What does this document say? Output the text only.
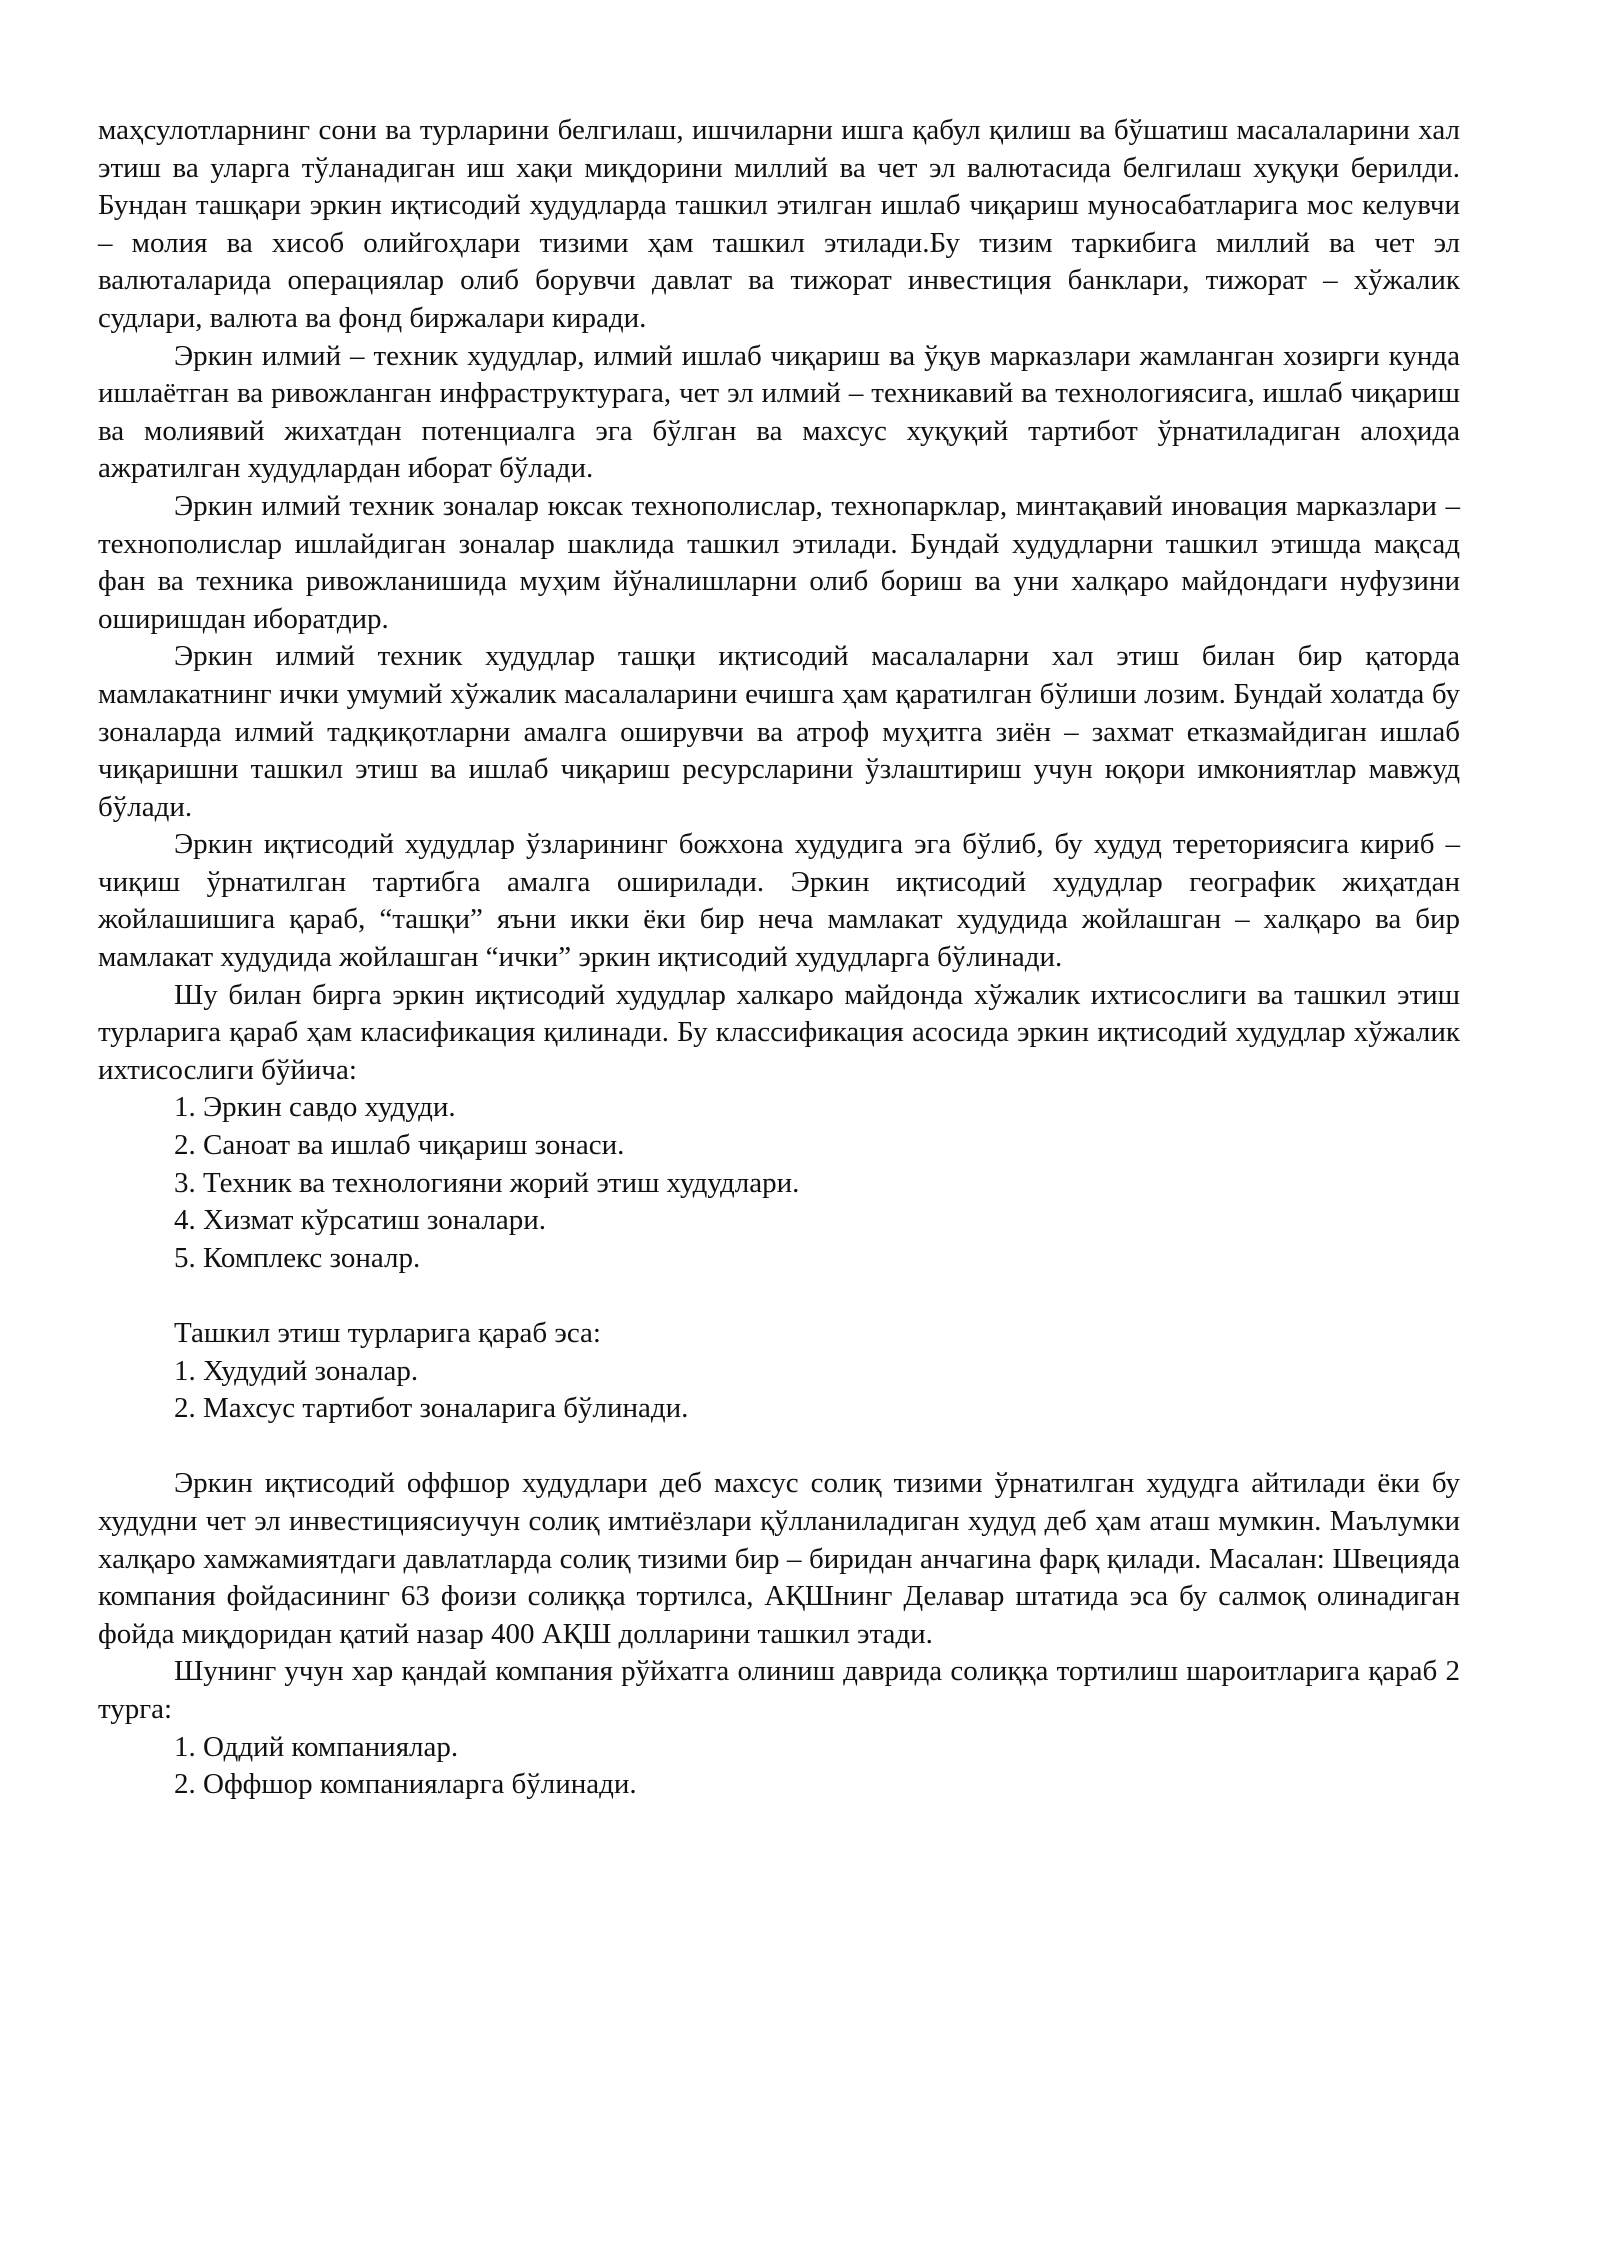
маҳсулотларнинг сони ва турларини белгилаш, ишчиларни ишга қабул қилиш ва бўшатиш масалаларини хал этиш ва уларга тўланадиган иш хақи миқдорини миллий ва чет эл валютасида белгилаш хуқуқи берилди. Бундан ташқари эркин иқтисодий худудларда ташкил этилган ишлаб чиқариш муносабатларига мос келувчи – молия ва хисоб олийгоҳлари тизими ҳам ташкил этилади.Бу тизим таркибига миллий ва чет эл валюталарида операциялар олиб борувчи давлат ва тижорат инвестиция банклари, тижорат – хўжалик судлари, валюта ва фонд биржалари киради.

Эркин илмий – техник худудлар, илмий ишлаб чиқариш ва ўқув марказлари жамланган хозирги кунда ишлаётган ва ривожланган инфраструктурага, чет эл илмий – техникавий ва технологиясига, ишлаб чиқариш ва молиявий жихатдан потенциалга эга бўлган ва махсус хуқуқий тартибот ўрнатиладиган алоҳида ажратилган худудлардан иборат бўлади.

Эркин илмий техник зоналар юксак технополислар, технопарклар, минтақавий иновация марказлари – технополислар ишлайдиган зоналар шаклида ташкил этилади. Бундай худудларни ташкил этишда мақсад фан ва техника ривожланишида муҳим йўналишларни олиб бориш ва уни халқаро майдондаги нуфузини оширишдан иборатдир.

Эркин илмий техник худудлар ташқи иқтисодий масалаларни хал этиш билан бир қаторда мамлакатнинг ички умумий хўжалик масалаларини ечишга ҳам қаратилган бўлиши лозим. Бундай холатда бу зоналарда илмий тадқиқотларни амалга оширувчи ва атроф муҳитга зиён – захмат етказмайдиган ишлаб чиқаришни ташкил этиш ва ишлаб чиқариш ресурсларини ўзлаштириш учун юқори имкониятлар мавжуд бўлади.

Эркин иқтисодий худудлар ўзларининг божхона худудига эга бўлиб, бу худуд тереториясига кириб – чиқиш ўрнатилган тартибга амалга оширилади. Эркин иқтисодий худудлар географик жиҳатдан жойлашишига қараб, “ташқи” яъни икки ёки бир неча мамлакат худудида жойлашган – халқаро ва бир мамлакат худудида жойлашган “ички” эркин иқтисодий худудларга бўлинади.

Шу билан бирга эркин иқтисодий худудлар халкаро майдонда хўжалик ихтисослиги ва ташкил этиш турларига қараб ҳам класификация қилинади. Бу классификация асосида эркин иқтисодий худудлар хўжалик ихтисослиги бўйича:

1. Эркин савдо худуди.
2. Саноат ва ишлаб чиқариш зонаси.
3. Техник ва технологияни жорий этиш худудлари.
4. Хизмат кўрсатиш зоналари.
5. Комплекс зоналр.

Ташкил этиш турларига қараб эса:

1. Худудий зоналар.
2. Махсус тартибот зоналарига бўлинади.

Эркин иқтисодий оффшор худудлари деб махсус солиқ тизими ўрнатилган худудга айтилади ёки бу худудни чет эл инвестициясиучун солиқ имтиёзлари қўлланиладиган худуд деб ҳам аташ мумкин. Маълумки халқаро хамжамиятдаги давлатларда солиқ тизими бир – биридан анчагина фарқ қилади. Масалан: Швецияда компания фойдасининг 63 фоизи солиққа тортилса, АҚШнинг Делавар штатида эса бу салмоқ олинадиган фойда миқдоридан қатий назар 400 АҚШ долларини ташкил этади.

Шунинг учун хар қандай компания рўйхатга олиниш даврида солиққа тортилиш шароитларига қараб 2 турга:

1. Оддий компаниялар.
2. Оффшор компанияларга бўлинади.
